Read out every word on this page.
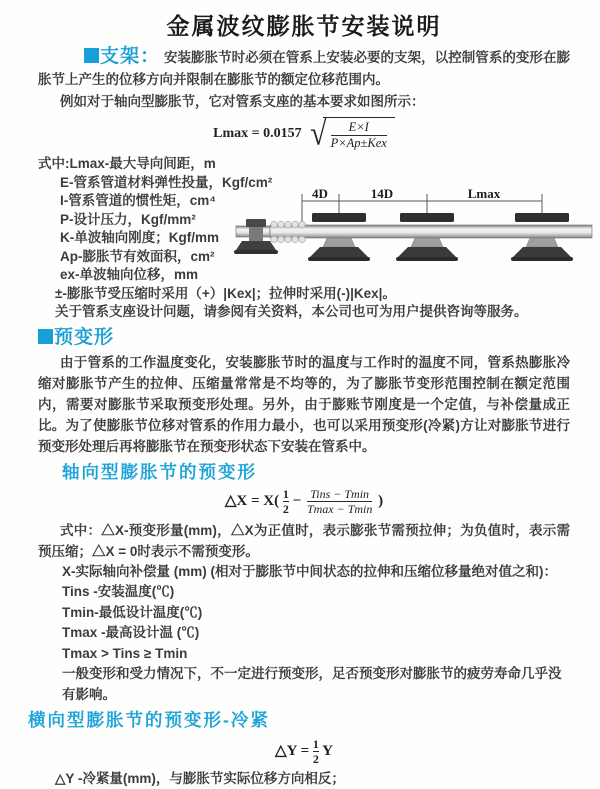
金属波纹膨胀节安装说明

支架： 安装膨胀节时必须在管系上安装必要的支架，以控制管系的变形在膨胀节上产生的位移方向并限制在膨胀节的额定位移范围内。

例如对于轴向型膨胀节，它对管系支座的基本要求如图所示：

Lmax = 0.0157 √ $\frac{E\times I}{\text{P×Ap±Kex}}$
式中:Lmax-最大导向间距，m
E-管系管道材料弹性投量，Kgf/cm²
I-管系管道的惯性矩，cm⁴
P-设计压力，Kgf/mm²
K-单波轴向刚度；Kgf/mm
Ap-膨胀节有效面积，cm²
ex-单波轴向位移，mm
±-膨胀节受压缩时采用（+）|Kex|；拉伸时采用(-)|Kex|。
关于管系支座设计问题，请参阅有关资料，本公司也可为用户提供咨询等服务。
4D	14D	Lmax
预变形

由于管系的工作温度变化，安装膨胀节时的温度与工作时的温度不同，管系热膨胀冷缩对膨胀节产生的拉伸、压缩量常常是不均等的，为了膨胀节变形范围控制在额定范围内，需要对膨胀节采取预变形处理。另外，由于膨账节刚度是一个定值，与补偿量成正比。为了使膨胀节位移对管系的作用力最小，也可以采用预变形(冷紧)方让对膨胀节进行预变形处理后再将膨胀节在预变形状态下安装在管系中。

轴向型膨胀节的预变形
△X = $X( \frac{1}{2} - \frac{\text{Tins − Tmin}}{Tmax - Tmin}$ )

式中：△X-预变形量(mm)，△X为正值时，表示膨张节需预拉伸；为负值时，表示需预压缩；△X = 0时表示不需预变形。

X-实际轴向补偿量 (mm) (相对于膨胀节中间状态的拉伸和压缩位移量绝对值之和)：
Tins -安装温度(℃)
Tmin-最低设计温度(℃)
Tmax -最高设计温 (℃)
Tmax > Tins ≥ Tmin
一般变形和受力情况下，不一定进行预变形，足否预变形对膨胀节的疲劳寿命几乎没有影响。
横向型膨胀节的预变形-冷紧
△Y = $\frac{1}{2}$ Y
△Y -冷紧量(mm)，与膨胀节实际位移方向相反；
